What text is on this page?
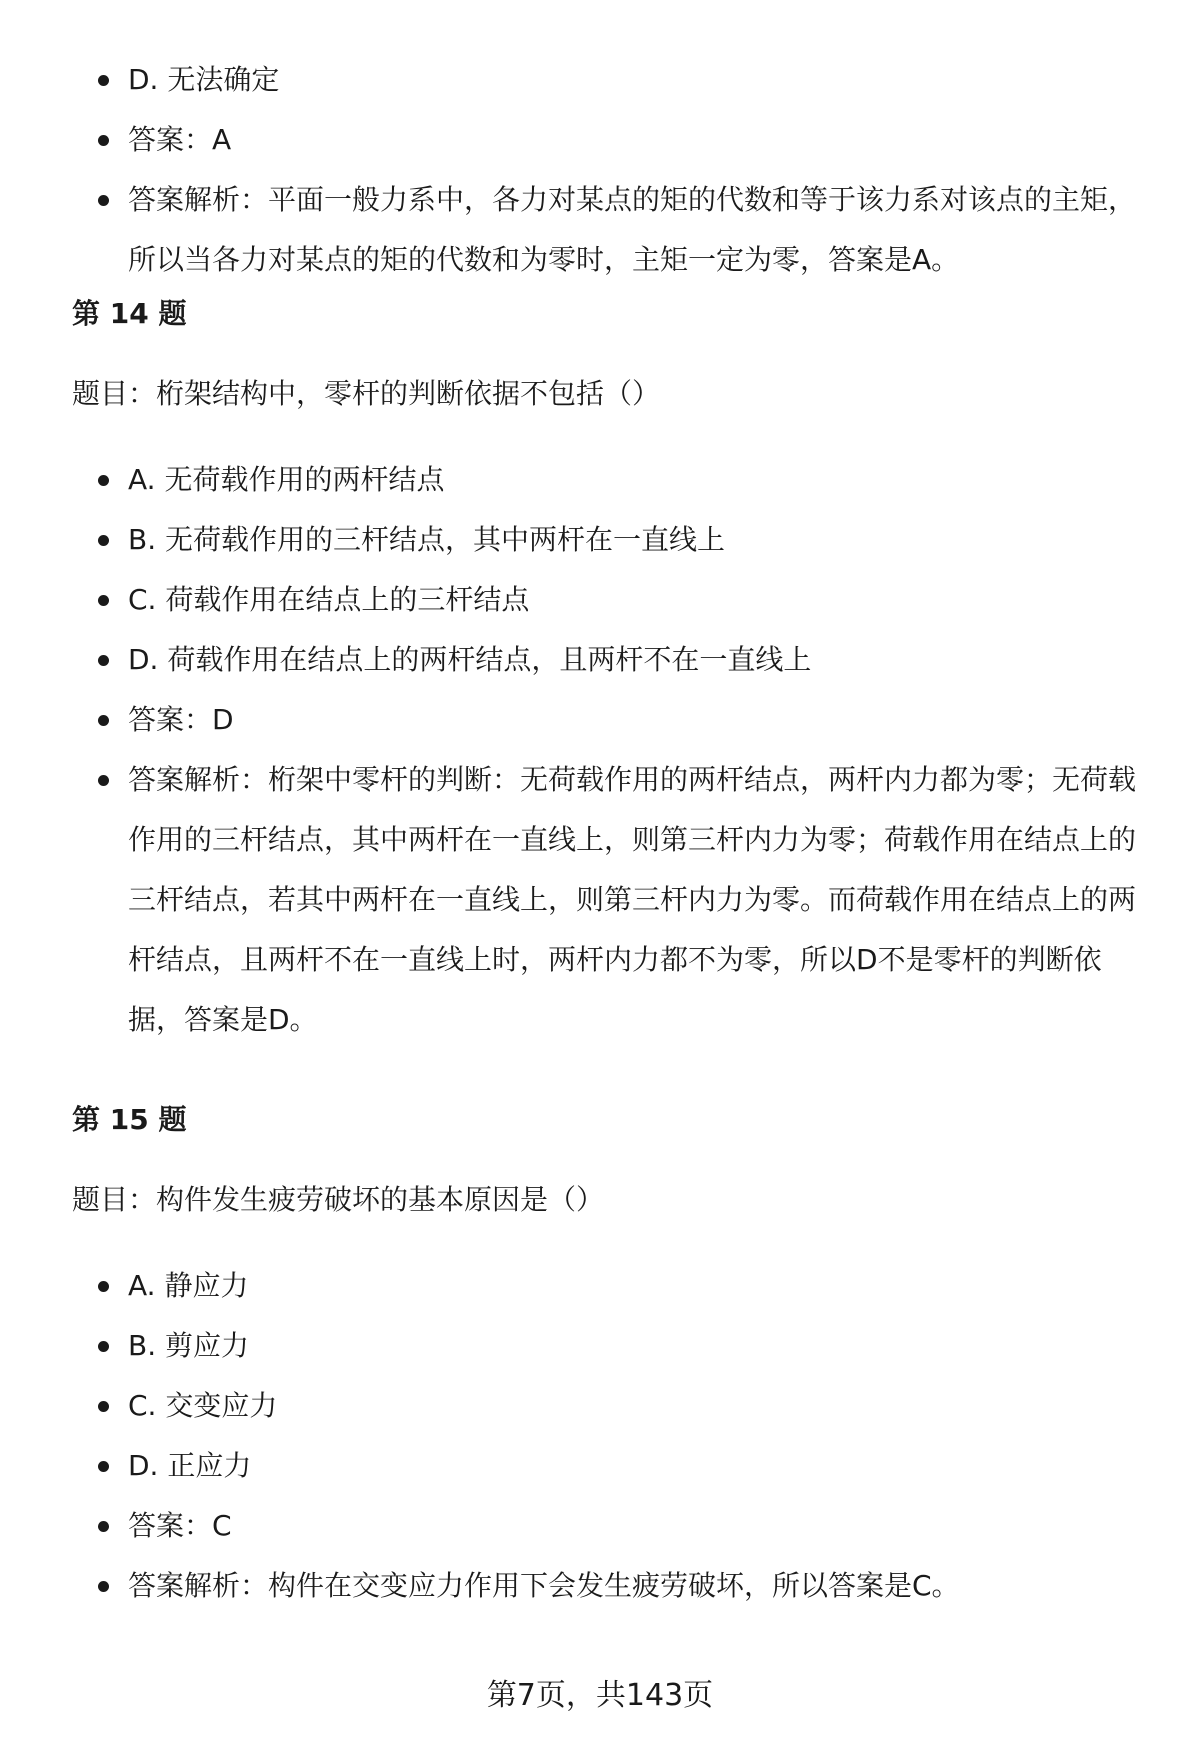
D. 无法确定
答案：A
答案解析：平面一般力系中，各力对某点的矩的代数和等于该力系对该点的主矩，所以当各力对某点的矩的代数和为零时，主矩一定为零，答案是A。
第 14 题

题目：桁架结构中，零杆的判断依据不包括（）

A. 无荷载作用的两杆结点
B. 无荷载作用的三杆结点，其中两杆在一直线上
C. 荷载作用在结点上的三杆结点
D. 荷载作用在结点上的两杆结点，且两杆不在一直线上
答案：D
答案解析：桁架中零杆的判断：无荷载作用的两杆结点，两杆内力都为零；无荷载作用的三杆结点，其中两杆在一直线上，则第三杆内力为零；荷载作用在结点上的三杆结点，若其中两杆在一直线上，则第三杆内力为零。而荷载作用在结点上的两杆结点，且两杆不在一直线上时，两杆内力都不为零，所以D不是零杆的判断依据，答案是D。
第 15 题

题目：构件发生疲劳破坏的基本原因是（）

A. 静应力
B. 剪应力
C. 交变应力
D. 正应力
答案：C
答案解析：构件在交变应力作用下会发生疲劳破坏，所以答案是C。
第7页，共143页
